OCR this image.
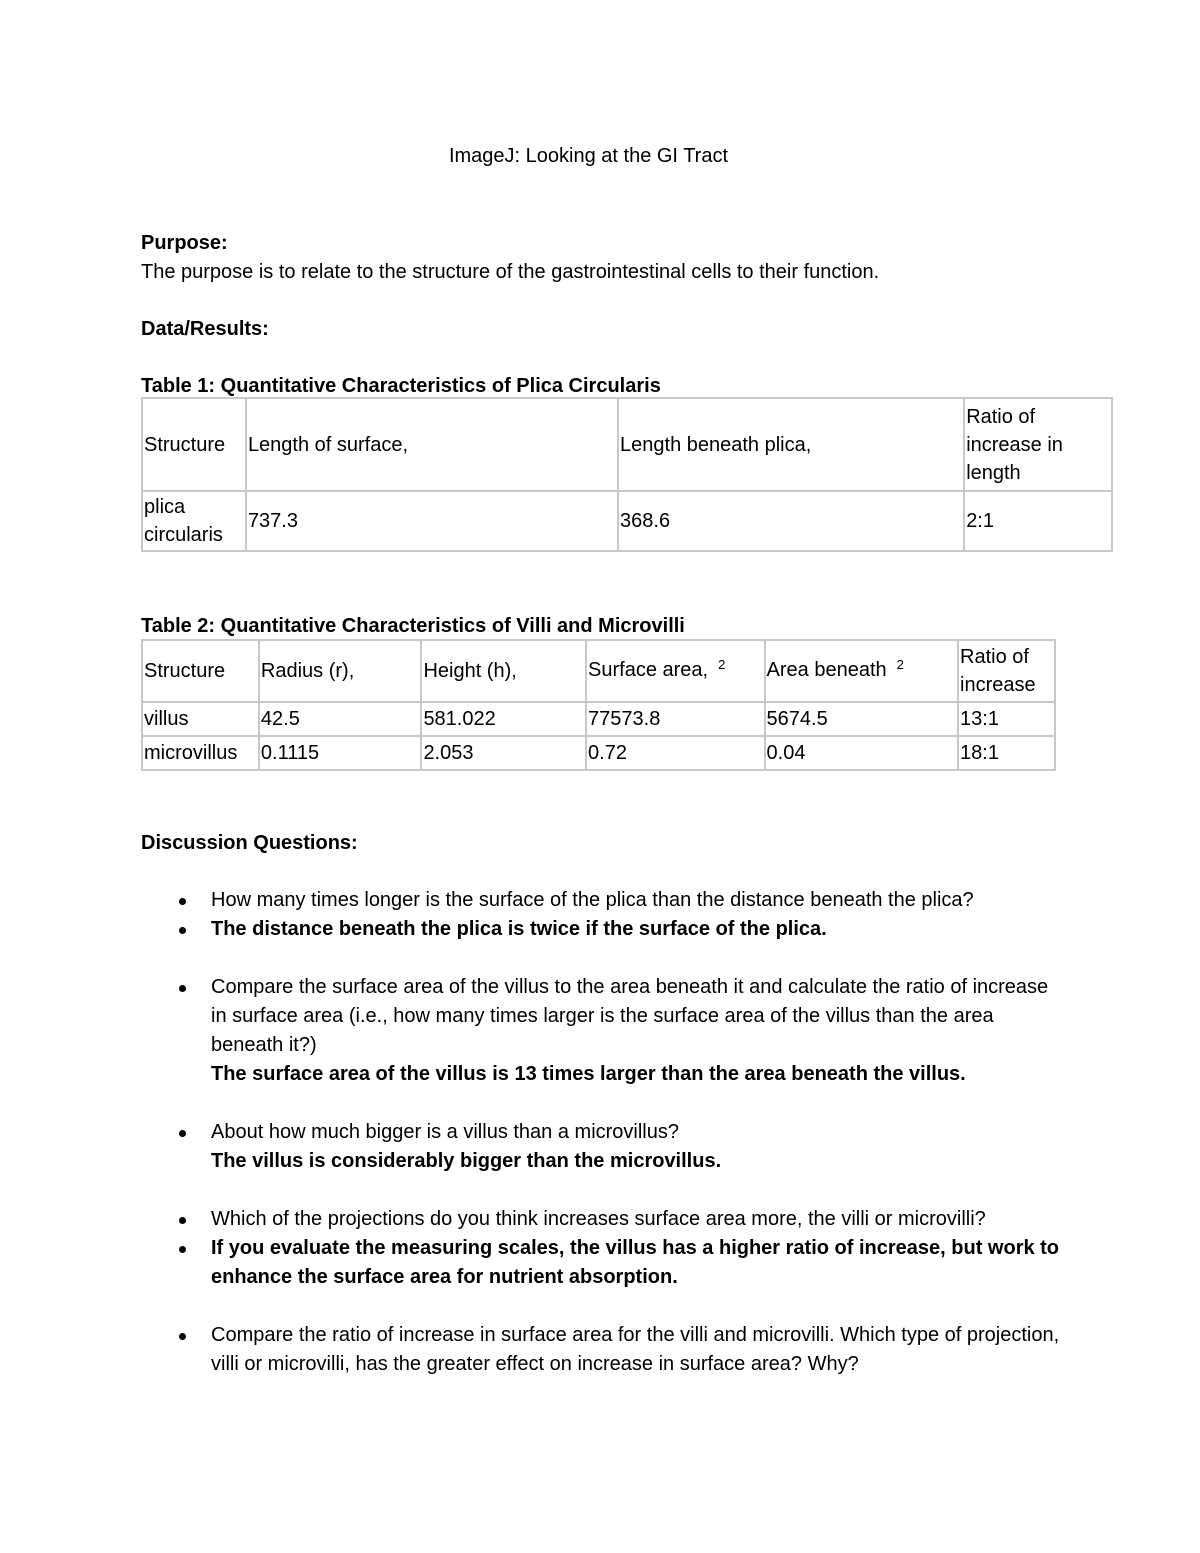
ImageJ: Looking at the GI Tract
Purpose:
The purpose is to relate to the structure of the gastrointestinal cells to their function.
Data/Results:
Table 1: Quantitative Characteristics of Plica Circularis
Structure	Length of surface,	Length beneath plica,	Ratio of increase in length
plica circularis	737.3	368.6	2:1
Table 2: Quantitative Characteristics of Villi and Microvilli
Structure	Radius (r),	Height (h),	Surface area, $^2$	Area beneath $^2$	Ratio of increase
villus	42.5	581.022	77573.8	5674.5	13:1
microvillus	0.1115	2.053	0.72	0.04	18:1
Discussion Questions:
How many times longer is the surface of the plica than the distance beneath the plica?
The distance beneath the plica is twice if the surface of the plica.
Compare the surface area of the villus to the area beneath it and calculate the ratio of increase in surface area (i.e., how many times larger is the surface area of the villus than the area beneath it?)
The surface area of the villus is 13 times larger than the area beneath the villus.
About how much bigger is a villus than a microvillus?
The villus is considerably bigger than the microvillus.
Which of the projections do you think increases surface area more, the villi or microvilli?
If you evaluate the measuring scales, the villus has a higher ratio of increase, but work to enhance the surface area for nutrient absorption.
Compare the ratio of increase in surface area for the villi and microvilli. Which type of projection, villi or microvilli, has the greater effect on increase in surface area? Why?
